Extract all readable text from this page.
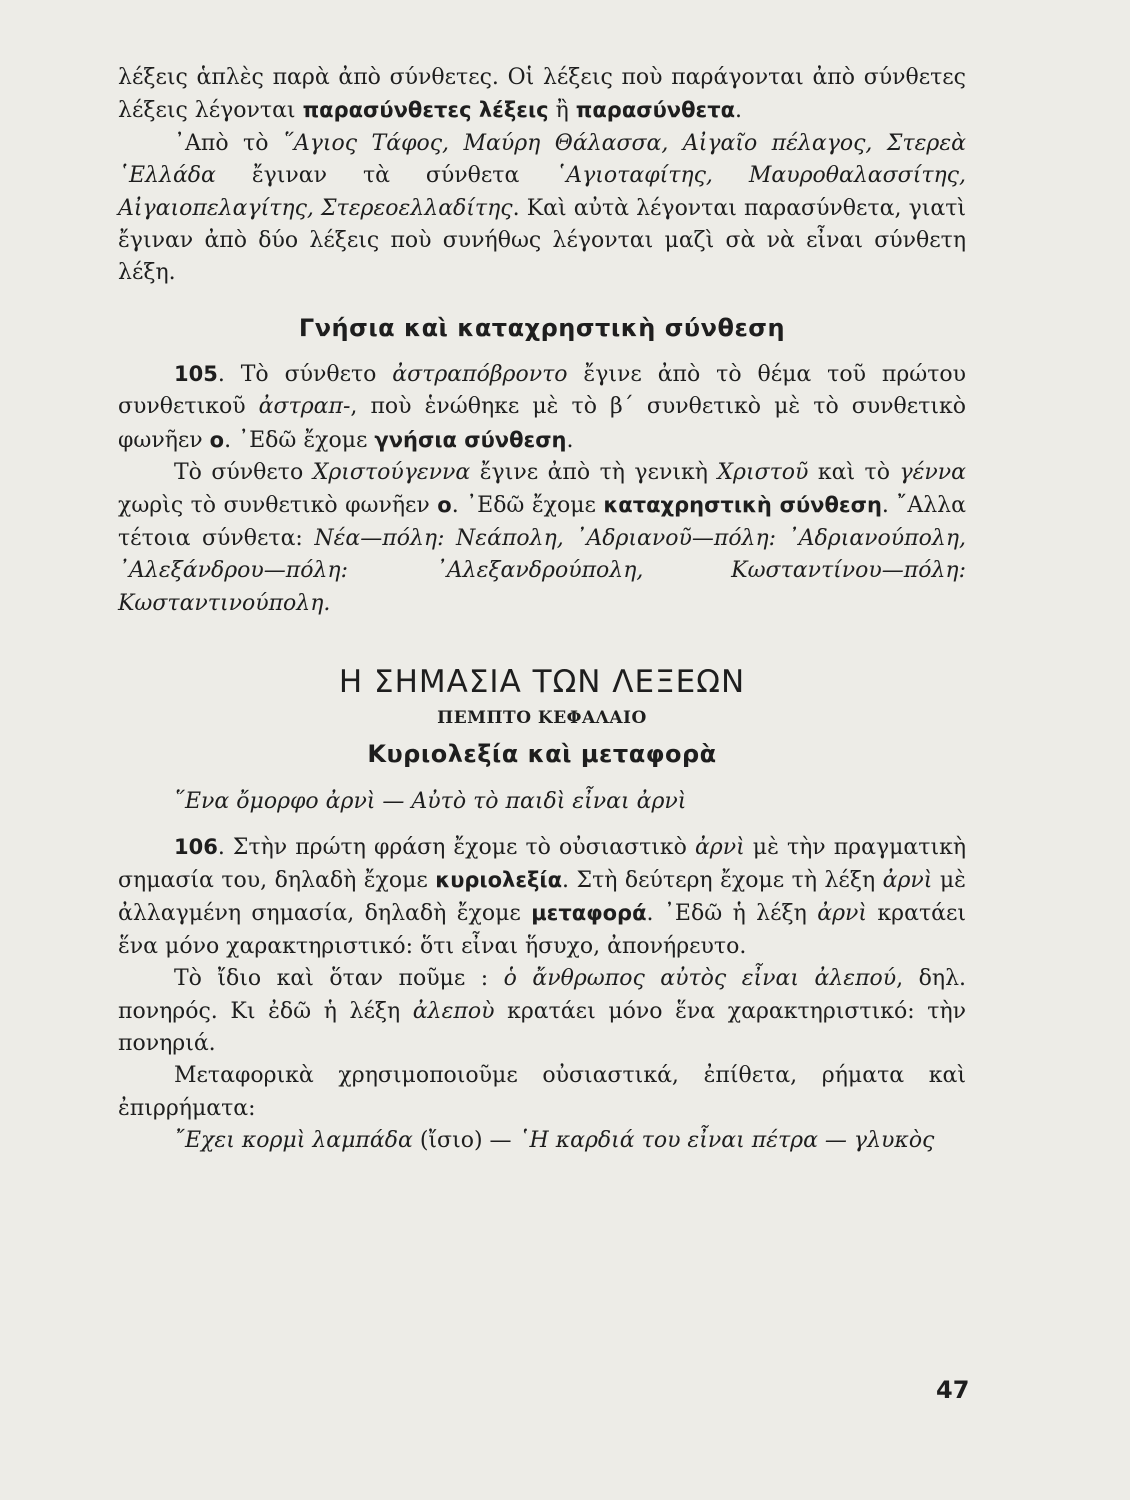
λέξεις ἁπλὲς παρὰ ἀπὸ σύνθετες. Οἱ λέξεις ποὺ παράγονται ἀπὸ σύνθετες λέξεις λέγονται παρασύνθετες λέξεις ἢ παρασύνθετα.

᾿Απὸ τὸ ῞Αγιος Τάφος, Μαύρη Θάλασσα, Αἰγαῖο πέλαγος, Στερεὰ ῾Ελλάδα ἔγιναν τὰ σύνθετα ῾Αγιοταφίτης, Μαυροθαλασσίτης, Αἰγαιοπελαγίτης, Στερεοελλαδίτης. Καὶ αὐτὰ λέγονται παρασύνθετα, γιατὶ ἔγιναν ἀπὸ δύο λέξεις ποὺ συνήθως λέγονται μαζὶ σὰ νὰ εἶναι σύνθετη λέξη.

Γνήσια καὶ καταχρηστικὴ σύνθεση

105. Τὸ σύνθετο ἀστραπόβροντο ἔγινε ἀπὸ τὸ θέμα τοῦ πρώτου συνθετικοῦ ἀστραπ-, ποὺ ἑνώθηκε μὲ τὸ β΄ συνθετικὸ μὲ τὸ συνθετικὸ φωνῆεν ο. ᾿Εδῶ ἔχομε γνήσια σύνθεση.

Τὸ σύνθετο Χριστούγεννα ἔγινε ἀπὸ τὴ γενικὴ Χριστοῦ καὶ τὸ γέννα χωρὶς τὸ συνθετικὸ φωνῆεν ο. ᾿Εδῶ ἔχομε καταχρηστικὴ σύνθεση. ῎Αλλα τέτοια σύνθετα: Νέα—πόλη: Νεάπολη, ᾿Αδριανοῦ—πόλη: ᾿Αδριανούπολη, ᾿Αλεξάνδρου—πόλη: ᾿Αλεξανδρούπολη, Κωσταντίνου—πόλη: Κωσταντινούπολη.

Η ΣΗΜΑΣΙΑ ΤΩΝ ΛΕΞΕΩΝ
ΠΕΜΠΤΟ ΚΕΦΑΛΑΙΟ
Κυριολεξία καὶ μεταφορὰ

῞Ενα ὄμορφο ἀρνὶ — Αὐτὸ τὸ παιδὶ εἶναι ἀρνὶ

106. Στὴν πρώτη φράση ἔχομε τὸ οὐσιαστικὸ ἀρνὶ μὲ τὴν πραγματικὴ σημασία του, δηλαδὴ ἔχομε κυριολεξία. Στὴ δεύτερη ἔχομε τὴ λέξη ἀρνὶ μὲ ἀλλαγμένη σημασία, δηλαδὴ ἔχομε μεταφορά. ᾿Εδῶ ἡ λέξη ἀρνὶ κρατάει ἕνα μόνο χαρακτηριστικό: ὅτι εἶναι ἥσυχο, ἀπονήρευτο.

Τὸ ἴδιο καὶ ὅταν ποῦμε : ὁ ἄνθρωπος αὐτὸς εἶναι ἀλεπού, δηλ. πονηρός. Κι ἐδῶ ἡ λέξη ἀλεποὺ κρατάει μόνο ἕνα χαρακτηριστικό: τὴν πονηριά.

Μεταφορικὰ χρησιμοποιοῦμε οὐσιαστικά, ἐπίθετα, ρήματα καὶ ἐπιρρήματα:

῎Εχει κορμὶ λαμπάδα (ἴσιο) — ῾Η καρδιά του εἶναι πέτρα — γλυκὸς

47
